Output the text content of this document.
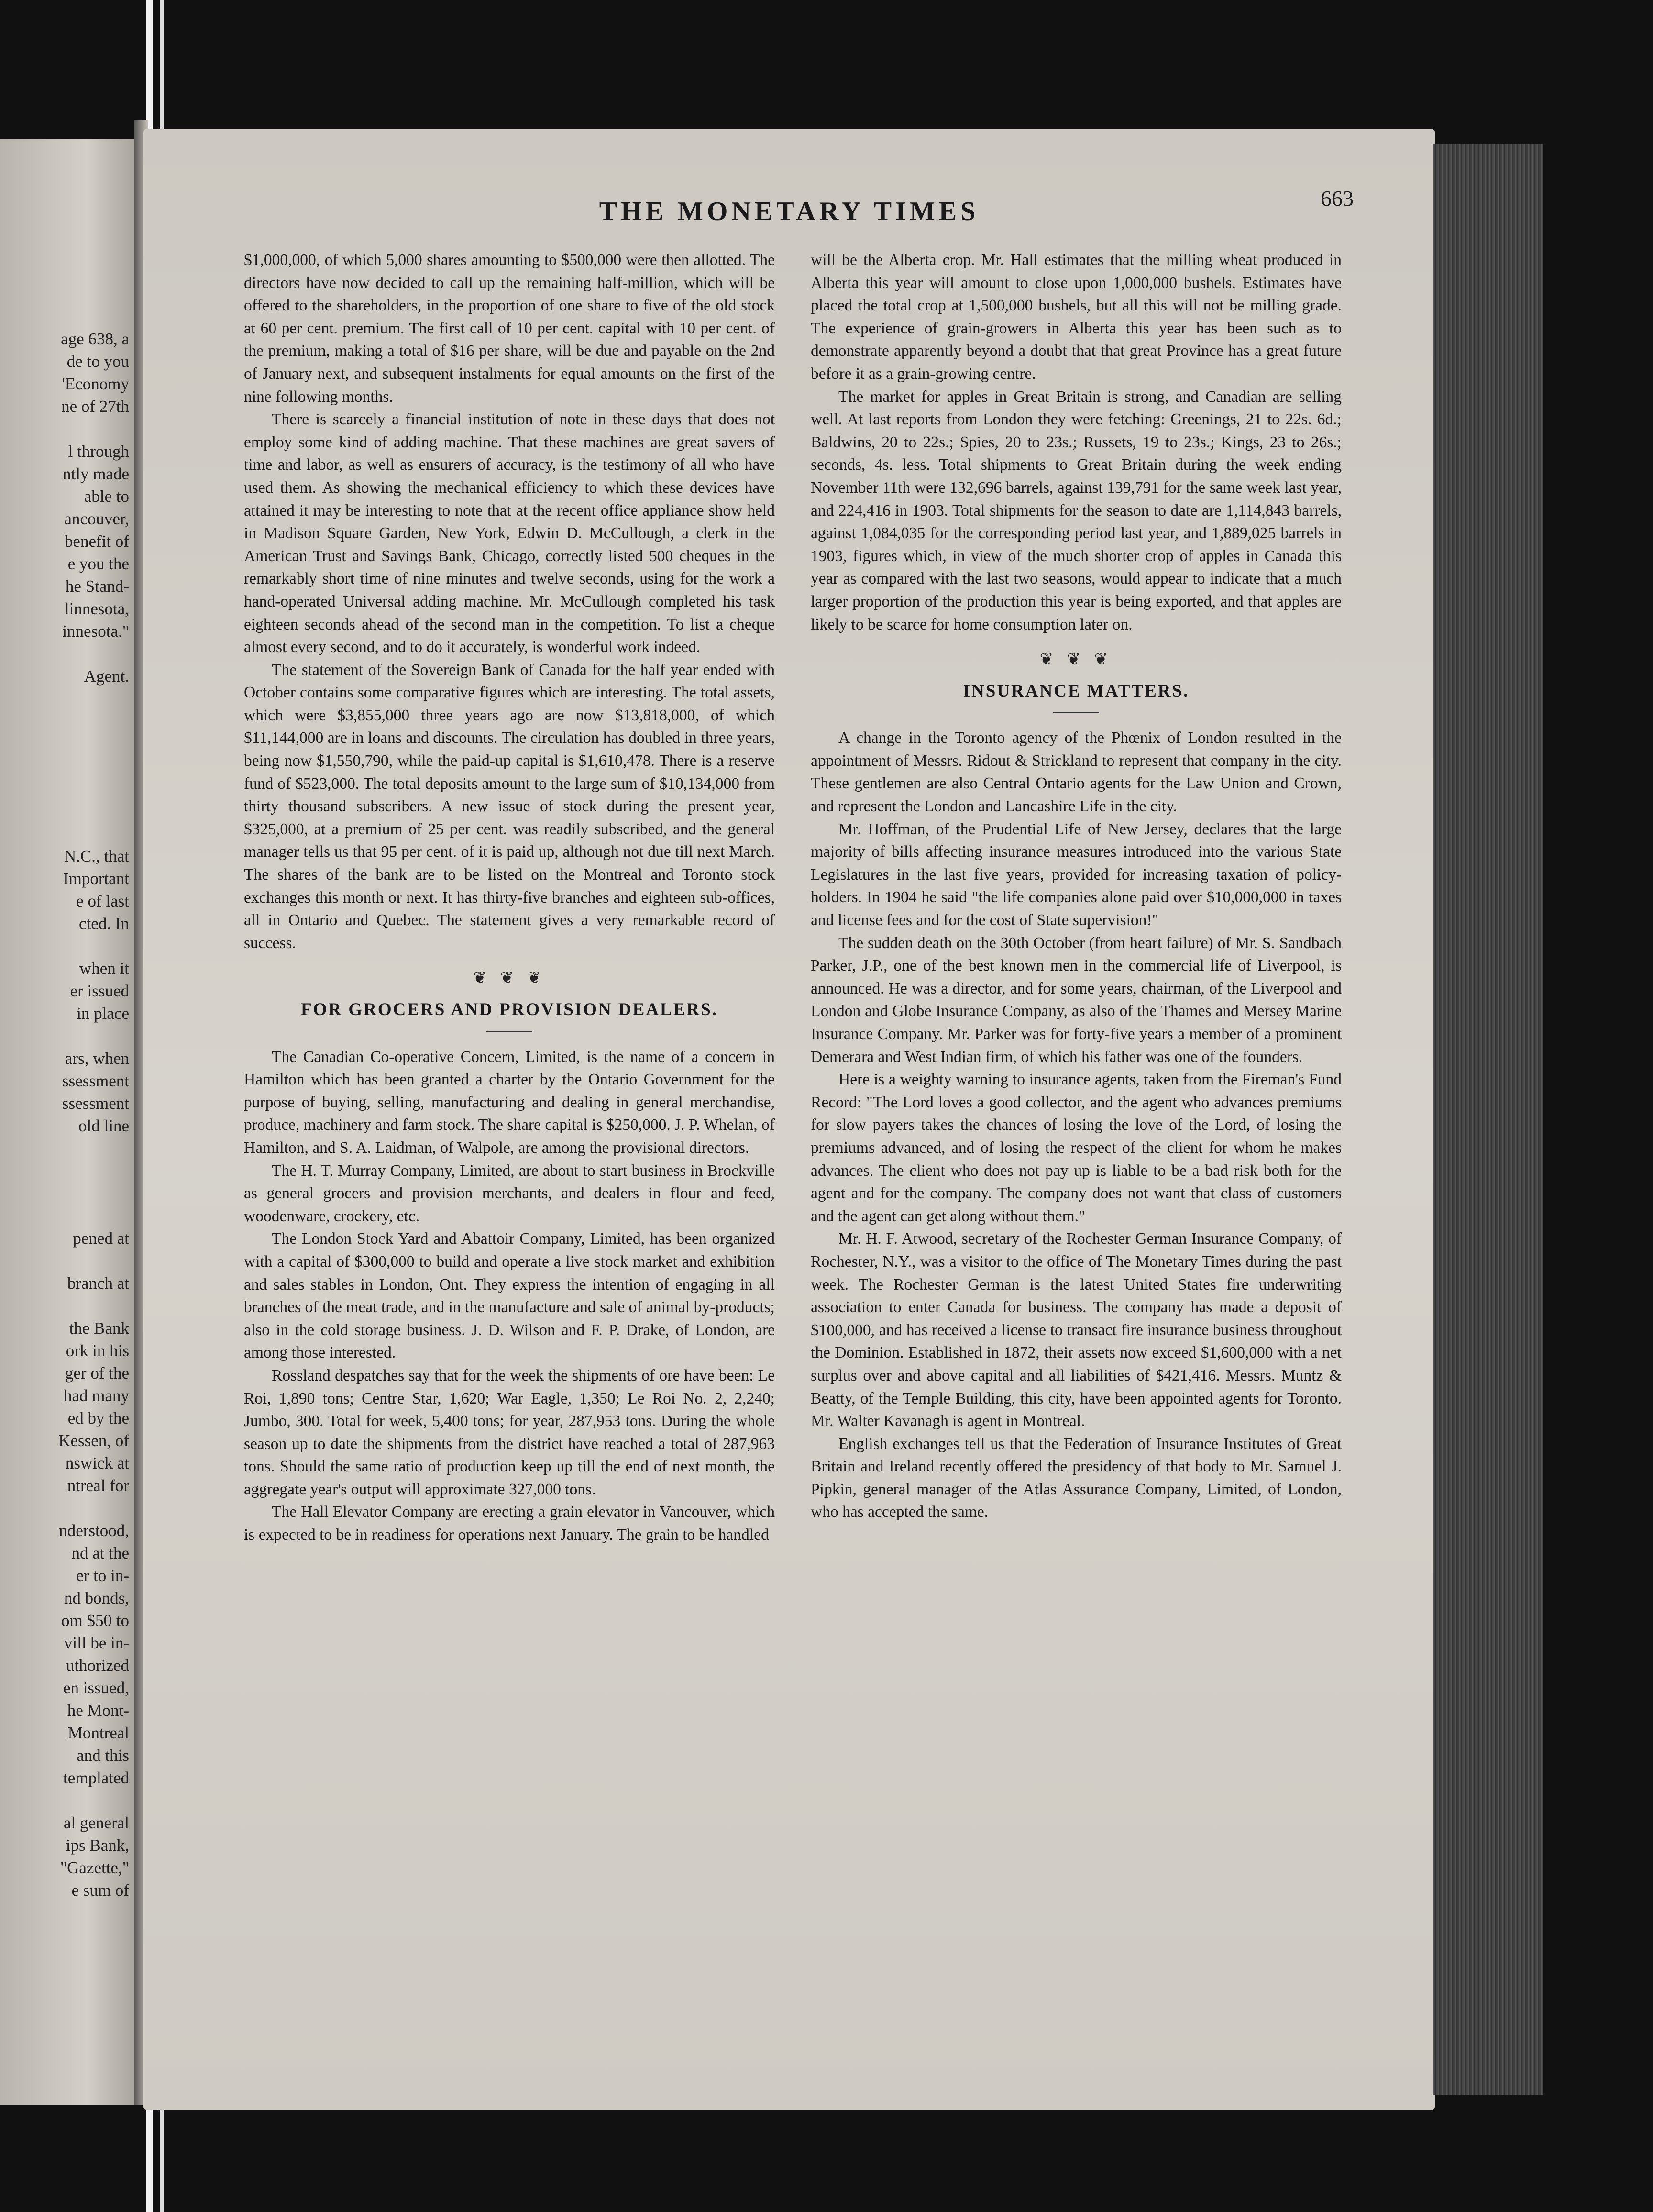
age 638, a

de to you

'Economy

ne of 27th

l through

ntly made

able to

ancouver,

benefit of

e you the

he Stand-

linnesota,

innesota."

Agent.

N.C., that

Important

e of last

cted. In

when it

er issued

in place

ars, when

ssessment

ssessment

old line

pened at

branch at

the Bank

ork in his

ger of the

had many

ed by the

Kessen, of

nswick at

ntreal for

nderstood,

nd at the

er to in-

nd bonds,

om $50 to

vill be in-

uthorized

en issued,

he Mont-

Montreal

and this

templated

al general

ips Bank,

"Gazette,"

e sum of

THE MONETARY TIMES	663

$1,000,000, of which 5,000 shares amounting to $500,000 were then allotted. The directors have now decided to call up the remaining half-million, which will be offered to the shareholders, in the proportion of one share to five of the old stock at 60 per cent. premium. The first call of 10 per cent. capital with 10 per cent. of the premium, making a total of $16 per share, will be due and payable on the 2nd of January next, and subsequent instalments for equal amounts on the first of the nine following months.

There is scarcely a financial institution of note in these days that does not employ some kind of adding machine. That these machines are great savers of time and labor, as well as ensurers of accuracy, is the testimony of all who have used them. As showing the mechanical efficiency to which these devices have attained it may be interesting to note that at the recent office appliance show held in Madison Square Garden, New York, Edwin D. McCullough, a clerk in the American Trust and Savings Bank, Chicago, correctly listed 500 cheques in the remarkably short time of nine minutes and twelve seconds, using for the work a hand-operated Universal adding machine. Mr. McCullough completed his task eighteen seconds ahead of the second man in the competition. To list a cheque almost every second, and to do it accurately, is wonderful work indeed.

The statement of the Sovereign Bank of Canada for the half year ended with October contains some comparative figures which are interesting. The total assets, which were $3,855,000 three years ago are now $13,818,000, of which $11,144,000 are in loans and discounts. The circulation has doubled in three years, being now $1,550,790, while the paid-up capital is $1,610,478. There is a reserve fund of $523,000. The total deposits amount to the large sum of $10,134,000 from thirty thousand subscribers. A new issue of stock during the present year, $325,000, at a premium of 25 per cent. was readily subscribed, and the general manager tells us that 95 per cent. of it is paid up, although not due till next March. The shares of the bank are to be listed on the Montreal and Toronto stock exchanges this month or next. It has thirty-five branches and eighteen sub-offices, all in Ontario and Quebec. The statement gives a very remarkable record of success.

❦ ❦ ❦
FOR GROCERS AND PROVISION DEALERS.

The Canadian Co-operative Concern, Limited, is the name of a concern in Hamilton which has been granted a charter by the Ontario Government for the purpose of buying, selling, manufacturing and dealing in general merchandise, produce, machinery and farm stock. The share capital is $250,000. J. P. Whelan, of Hamilton, and S. A. Laidman, of Walpole, are among the provisional directors.

The H. T. Murray Company, Limited, are about to start business in Brockville as general grocers and provision merchants, and dealers in flour and feed, woodenware, crockery, etc.

The London Stock Yard and Abattoir Company, Limited, has been organized with a capital of $300,000 to build and operate a live stock market and exhibition and sales stables in London, Ont. They express the intention of engaging in all branches of the meat trade, and in the manufacture and sale of animal by-products; also in the cold storage business. J. D. Wilson and F. P. Drake, of London, are among those interested.

Rossland despatches say that for the week the shipments of ore have been: Le Roi, 1,890 tons; Centre Star, 1,620; War Eagle, 1,350; Le Roi No. 2, 2,240; Jumbo, 300. Total for week, 5,400 tons; for year, 287,953 tons. During the whole season up to date the shipments from the district have reached a total of 287,963 tons. Should the same ratio of production keep up till the end of next month, the aggregate year's output will approximate 327,000 tons.

The Hall Elevator Company are erecting a grain elevator in Vancouver, which is expected to be in readiness for operations next January. The grain to be handled

will be the Alberta crop. Mr. Hall estimates that the milling wheat produced in Alberta this year will amount to close upon 1,000,000 bushels. Estimates have placed the total crop at 1,500,000 bushels, but all this will not be milling grade. The experience of grain-growers in Alberta this year has been such as to demonstrate apparently beyond a doubt that that great Province has a great future before it as a grain-growing centre.

The market for apples in Great Britain is strong, and Canadian are selling well. At last reports from London they were fetching: Greenings, 21 to 22s. 6d.; Baldwins, 20 to 22s.; Spies, 20 to 23s.; Russets, 19 to 23s.; Kings, 23 to 26s.; seconds, 4s. less. Total shipments to Great Britain during the week ending November 11th were 132,696 barrels, against 139,791 for the same week last year, and 224,416 in 1903. Total shipments for the season to date are 1,114,843 barrels, against 1,084,035 for the corresponding period last year, and 1,889,025 barrels in 1903, figures which, in view of the much shorter crop of apples in Canada this year as compared with the last two seasons, would appear to indicate that a much larger proportion of the production this year is being exported, and that apples are likely to be scarce for home consumption later on.

❦ ❦ ❦
INSURANCE MATTERS.

A change in the Toronto agency of the Phœnix of London resulted in the appointment of Messrs. Ridout & Strickland to represent that company in the city. These gentlemen are also Central Ontario agents for the Law Union and Crown, and represent the London and Lancashire Life in the city.

Mr. Hoffman, of the Prudential Life of New Jersey, declares that the large majority of bills affecting insurance measures introduced into the various State Legislatures in the last five years, provided for increasing taxation of policy-holders. In 1904 he said "the life companies alone paid over $10,000,000 in taxes and license fees and for the cost of State supervision!"

The sudden death on the 30th October (from heart failure) of Mr. S. Sandbach Parker, J.P., one of the best known men in the commercial life of Liverpool, is announced. He was a director, and for some years, chairman, of the Liverpool and London and Globe Insurance Company, as also of the Thames and Mersey Marine Insurance Company. Mr. Parker was for forty-five years a member of a prominent Demerara and West Indian firm, of which his father was one of the founders.

Here is a weighty warning to insurance agents, taken from the Fireman's Fund Record: "The Lord loves a good collector, and the agent who advances premiums for slow payers takes the chances of losing the love of the Lord, of losing the premiums advanced, and of losing the respect of the client for whom he makes advances. The client who does not pay up is liable to be a bad risk both for the agent and for the company. The company does not want that class of customers and the agent can get along without them."

Mr. H. F. Atwood, secretary of the Rochester German Insurance Company, of Rochester, N.Y., was a visitor to the office of The Monetary Times during the past week. The Rochester German is the latest United States fire underwriting association to enter Canada for business. The company has made a deposit of $100,000, and has received a license to transact fire insurance business throughout the Dominion. Established in 1872, their assets now exceed $1,600,000 with a net surplus over and above capital and all liabilities of $421,416. Messrs. Muntz & Beatty, of the Temple Building, this city, have been appointed agents for Toronto. Mr. Walter Kavanagh is agent in Montreal.

English exchanges tell us that the Federation of Insurance Institutes of Great Britain and Ireland recently offered the presidency of that body to Mr. Samuel J. Pipkin, general manager of the Atlas Assurance Company, Limited, of London, who has accepted the same.
